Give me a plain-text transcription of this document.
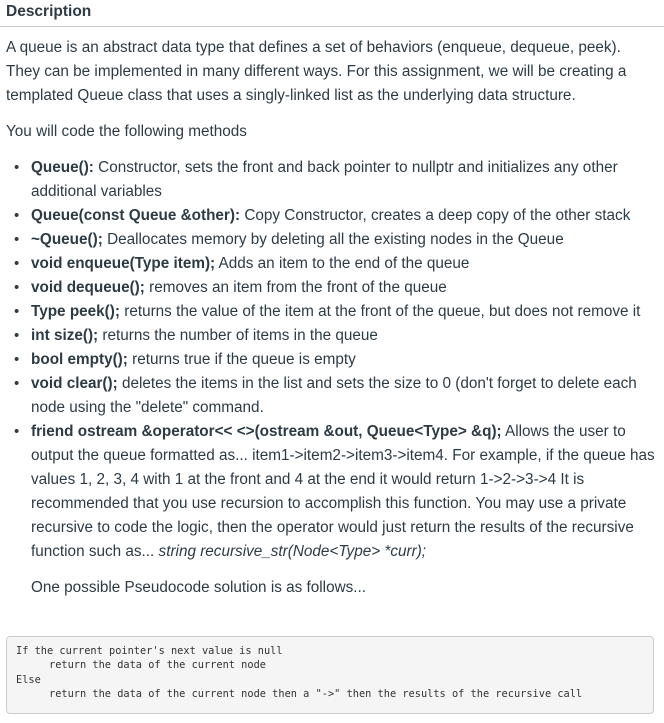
Description

A queue is an abstract data type that defines a set of behaviors (enqueue, dequeue, peek). They can be implemented in many different ways. For this assignment, we will be creating a templated Queue class that uses a singly-linked list as the underlying data structure.

You will code the following methods

• Queue(): Constructor, sets the front and back pointer to nullptr and initializes any other additional variables
• Queue(const Queue &other): Copy Constructor, creates a deep copy of the other stack
• ~Queue(); Deallocates memory by deleting all the existing nodes in the Queue
• void enqueue(Type item); Adds an item to the end of the queue
• void dequeue(); removes an item from the front of the queue
• Type peek(); returns the value of the item at the front of the queue, but does not remove it
• int size(); returns the number of items in the queue
• bool empty(); returns true if the queue is empty
• void clear(); deletes the items in the list and sets the size to 0 (don't forget to delete each node using the "delete" command.
• friend ostream &operator<< <>(ostream &out, Queue<Type> &q); Allows the user to output the queue formatted as... item1->item2->item3->item4. For example, if the queue has values 1, 2, 3, 4 with 1 at the front and 4 at the end it would return 1->2->3->4 It is recommended that you use recursion to accomplish this function. You may use a private recursive to code the logic, then the operator would just return the results of the recursive function such as... string recursive_str(Node<Type> *curr);
One possible Pseudocode solution is as follows...
If the current pointer's next value is null
return the data of the current node
Else
return the data of the current node then a "->" then the results of the recursive call
